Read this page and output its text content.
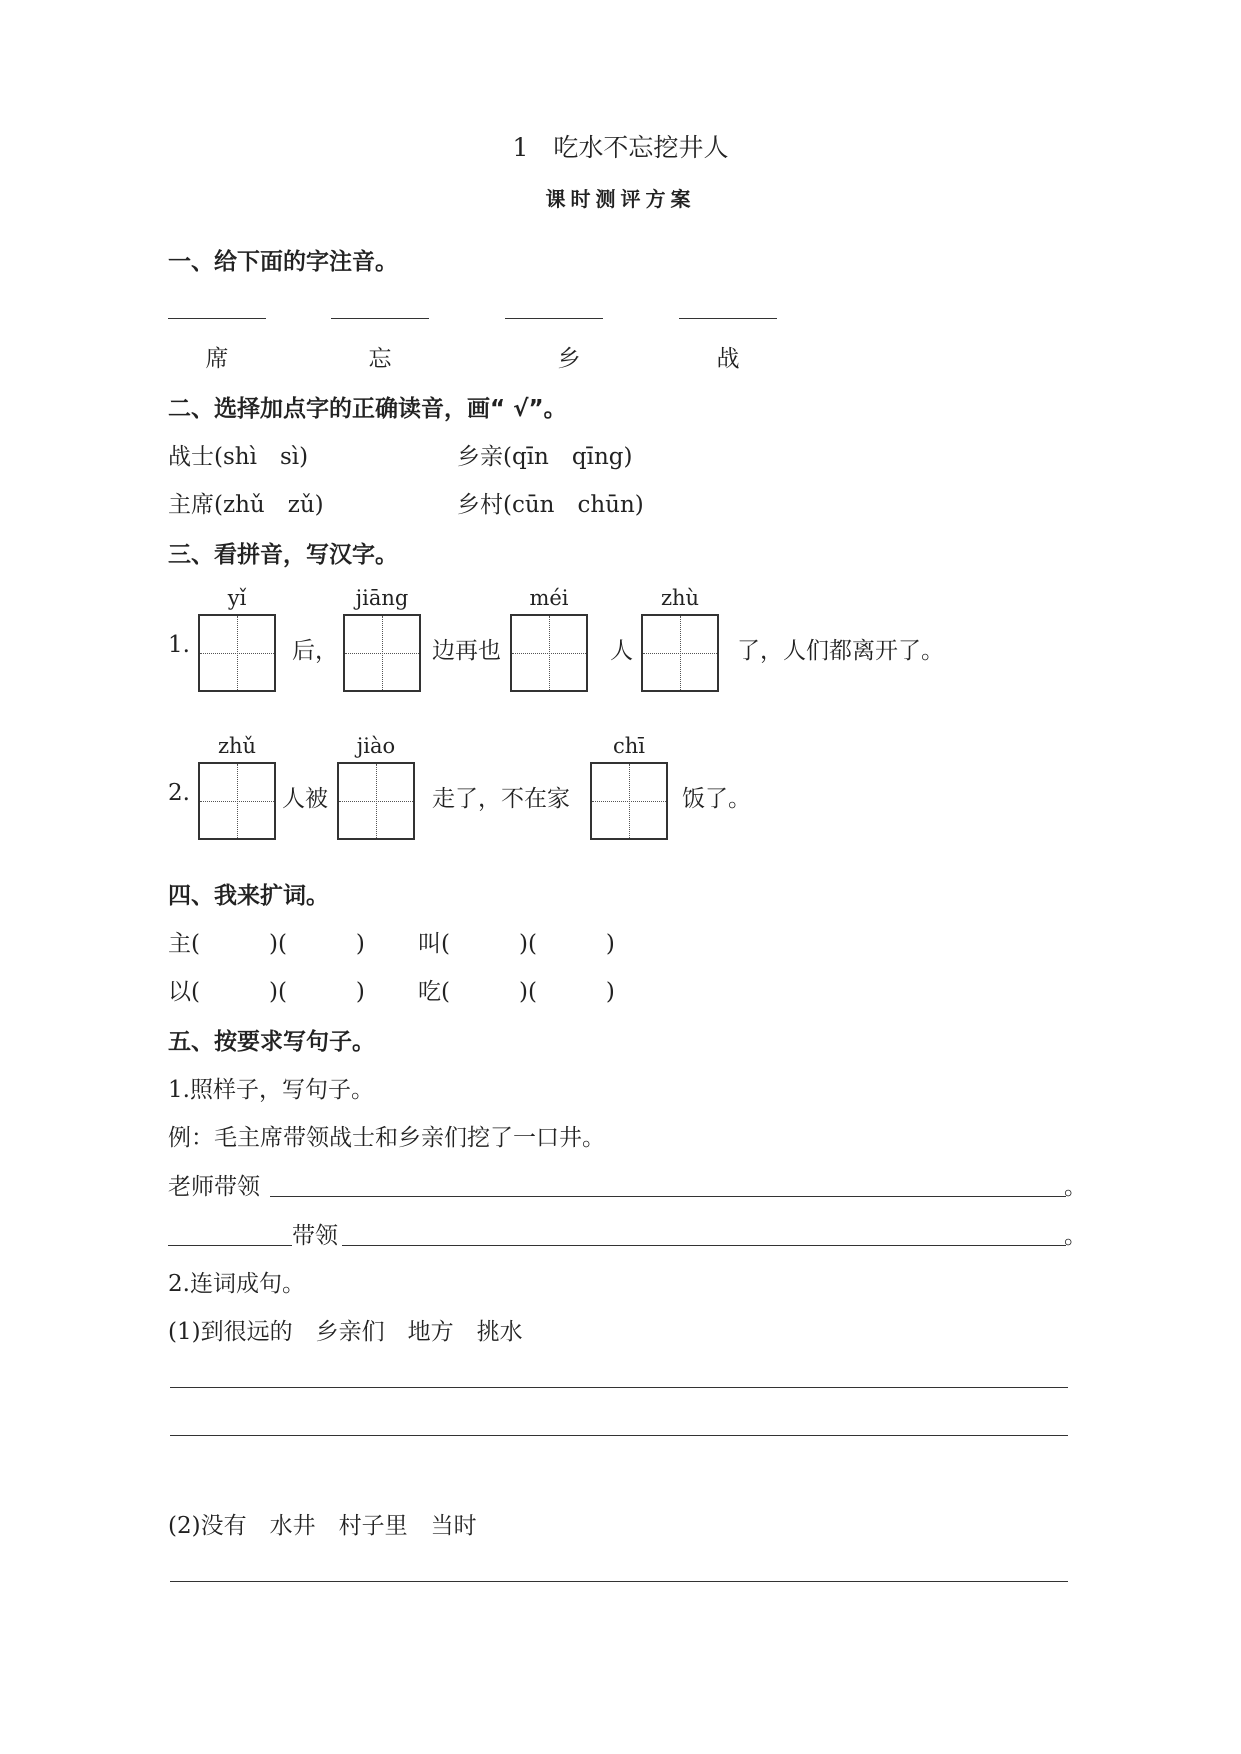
1　吃水不忘挖井人
课时测评方案
一、给下面的字注音。
席	忘	乡	战
二、选择加点字的正确读音，画“ √”。
战士(shì　sì)	乡亲(qīn　qīng)
主席(zhǔ　zǔ)	乡村(cūn　chūn)
三、看拼音，写汉字。
1.
yǐ
后，
jiāng
边再也
méi
人
zhù
了，人们都离开了。
2.
zhǔ
人被
jiào
走了，不在家
chī
饭了。
四、我来扩词。
主(　　　)(　　　) 叫(　　　)(　　　)
以(　　　)(　　　) 吃(　　　)(　　　)
五、按要求写句子。
1.照样子，写句子。
例：毛主席带领战士和乡亲们挖了一口井。
老师带领	。
带领	。
2.连词成句。
(1)到很远的　乡亲们　地方　挑水
(2)没有　水井　村子里　当时
